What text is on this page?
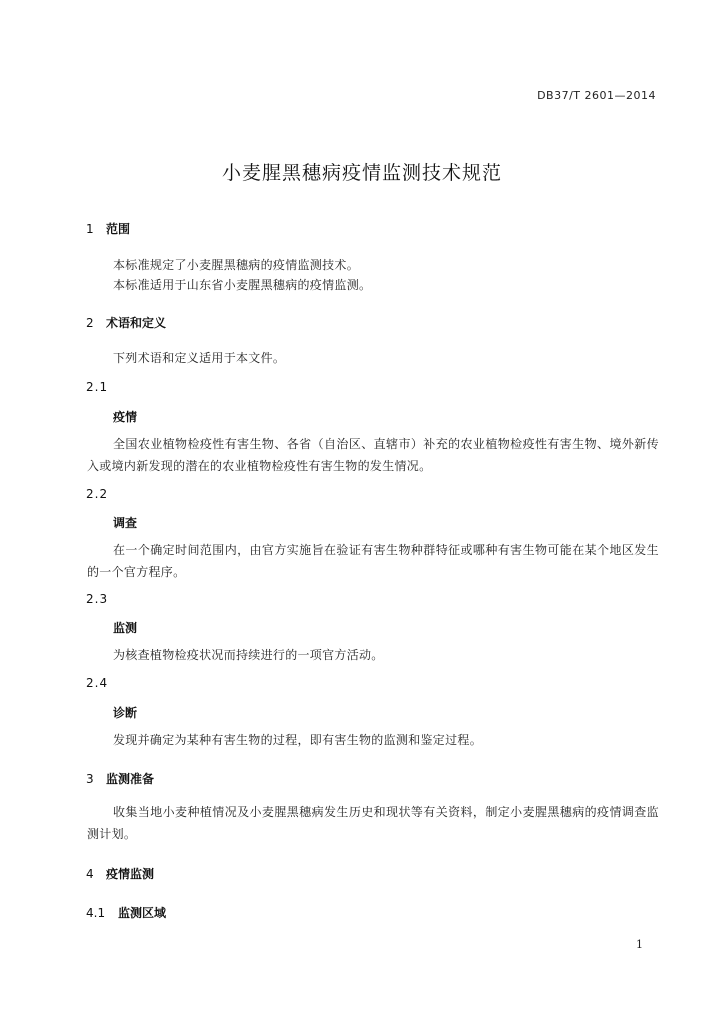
DB37/T 2601—2014
小麦腥黑穗病疫情监测技术规范
1 范围
本标准规定了小麦腥黑穗病的疫情监测技术。
本标准适用于山东省小麦腥黑穗病的疫情监测。
2 术语和定义
下列术语和定义适用于本文件。
2.1
疫情
全国农业植物检疫性有害生物、各省（自治区、直辖市）补充的农业植物检疫性有害生物、境外新传入或境内新发现的潜在的农业植物检疫性有害生物的发生情况。
2.2
调查
在一个确定时间范围内，由官方实施旨在验证有害生物种群特征或哪种有害生物可能在某个地区发生的一个官方程序。
2.3
监测
为核查植物检疫状况而持续进行的一项官方活动。
2.4
诊断
发现并确定为某种有害生物的过程，即有害生物的监测和鉴定过程。
3 监测准备
收集当地小麦种植情况及小麦腥黑穗病发生历史和现状等有关资料，制定小麦腥黑穗病的疫情调查监测计划。
4 疫情监测
4.1 监测区域
1
